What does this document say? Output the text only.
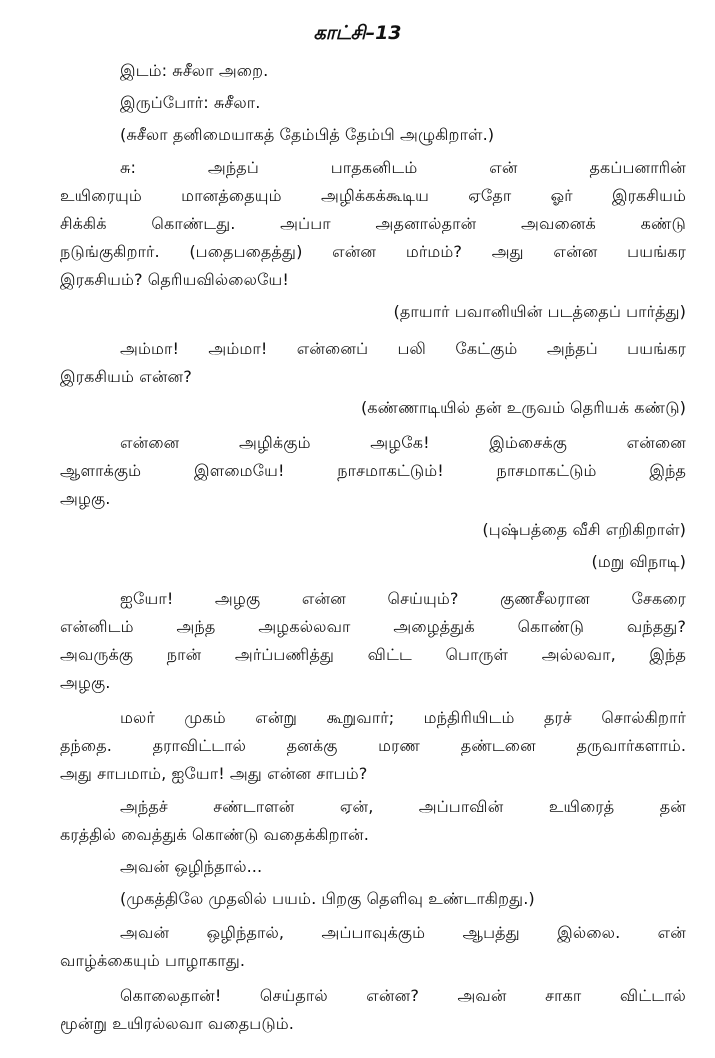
காட்சி–13
இடம்: சுசீலா அறை.
இருப்போர்: சுசீலா.
(சுசீலா தனிமையாகத் தேம்பித் தேம்பி அழுகிறாள்.)
சு: அந்தப் பாதகனிடம் என் தகப்பனாரின்
உயிரையும் மானத்தையும் அழிக்கக்கூடிய ஏதோ ஓர் இரகசியம்
சிக்கிக் கொண்டது. அப்பா அதனால்தான் அவனைக் கண்டு
நடுங்குகிறார். (பதைபதைத்து) என்ன மர்மம்? அது என்ன பயங்கர
இரகசியம்? தெரியவில்லையே!
(தாயார் பவானியின் படத்தைப் பார்த்து)
அம்மா! அம்மா! என்னைப் பலி கேட்கும் அந்தப் பயங்கர
இரகசியம் என்ன?
(கண்ணாடியில் தன் உருவம் தெரியக் கண்டு)
என்னை அழிக்கும் அழகே! இம்சைக்கு என்னை
ஆளாக்கும் இளமையே! நாசமாகட்டும்! நாசமாகட்டும் இந்த
அழகு.
(புஷ்பத்தை வீசி எறிகிறாள்)
(மறு விநாடி)
ஐயோ! அழகு என்ன செய்யும்? குணசீலரான சேகரை
என்னிடம் அந்த அழகல்லவா அழைத்துக் கொண்டு வந்தது?
அவருக்கு நான் அர்ப்பணித்து விட்ட பொருள் அல்லவா, இந்த
அழகு.
மலர் முகம் என்று கூறுவார்; மந்திரியிடம் தரச் சொல்கிறார்
தந்தை. தராவிட்டால் தனக்கு மரண தண்டனை தருவார்களாம்.
அது சாபமாம், ஐயோ! அது என்ன சாபம்?
அந்தச் சண்டாளன் ஏன், அப்பாவின் உயிரைத் தன்
கரத்தில் வைத்துக் கொண்டு வதைக்கிறான்.
அவன் ஒழிந்தால்...
(முகத்திலே முதலில் பயம். பிறகு தெளிவு உண்டாகிறது.)
அவன் ஒழிந்தால், அப்பாவுக்கும் ஆபத்து இல்லை. என்
வாழ்க்கையும் பாழாகாது.
கொலைதான்! செய்தால் என்ன? அவன் சாகா விட்டால்
மூன்று உயிரல்லவா வதைபடும்.
